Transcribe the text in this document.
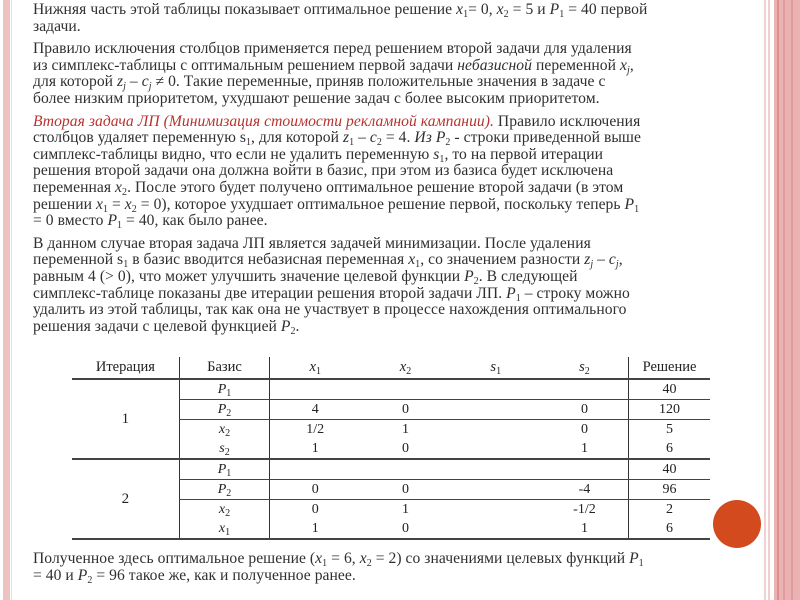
Нижняя часть этой таблицы показывает оптимальное решение $x_1= 0$, $x_2 = 5$ и $P_1 = 40$ первой
задачи.

Правило исключения столбцов применяется перед решением второй задачи для удаления
из симплекс-таблицы с оптимальным решением первой задачи небазисной переменной $x_j$,
для которой $z_j - c_j \ne 0$. Такие переменные, приняв положительные значения в задаче с
более низким приоритетом, ухудшают решение задач с более высоким приоритетом.

Вторая задача ЛП (Минимизация стоимости рекламной кампании). Правило исключения
столбцов удаляет переменную $s_1$, для которой $z_1 - c_2 = 4$. Из $P_2$ - строки приведенной выше
симплекс-таблицы видно, что если не удалить переменную $s_1$, то на первой итерации
решения второй задачи она должна войти в базис, при этом из базиса будет исключена
переменная $x_2$. После этого будет получено оптимальное решение второй задачи (в этом
решении $x_1 = x_2 = 0$), которое ухудшает оптимальное решение первой, поскольку теперь $P_1$
= 0 вместо $P_1 = 40$, как было ранее.

В данном случае вторая задача ЛП является задачей минимизации. После удаления
переменной $s_1$ в базис вводится небазисная переменная $x_1$, со значением разности $z_j - c_j$,
равным 4 (> 0), что может улучшить значение целевой функции $P_2$. В следующей
симплекс-таблице показаны две итерации решения второй задачи ЛП. $P_1$ – строку можно
удалить из этой таблицы, так как она не участвует в процессе нахождения оптимального
решения задачи с целевой функцией $P_2$.

Итерация	Базис	$x_1$	$x_2$	$s_1$	$s_2$	Решение
1	$P_1$					40
	$P_2$	4	0		0	120
	$x_2$	1/2	1		0	5
	$s_2$	1	0		1	6
2	$P_1$					40
	$P_2$	0	0		-4	96
	$x_2$	0	1		-1/2	2
	$x_1$	1	0		1	6

Полученное здесь оптимальное решение ($x_1 = 6$, $x_2 = 2$) со значениями целевых функций $P_1$
= 40 и $P_2 = 96$ такое же, как и полученное ранее.
